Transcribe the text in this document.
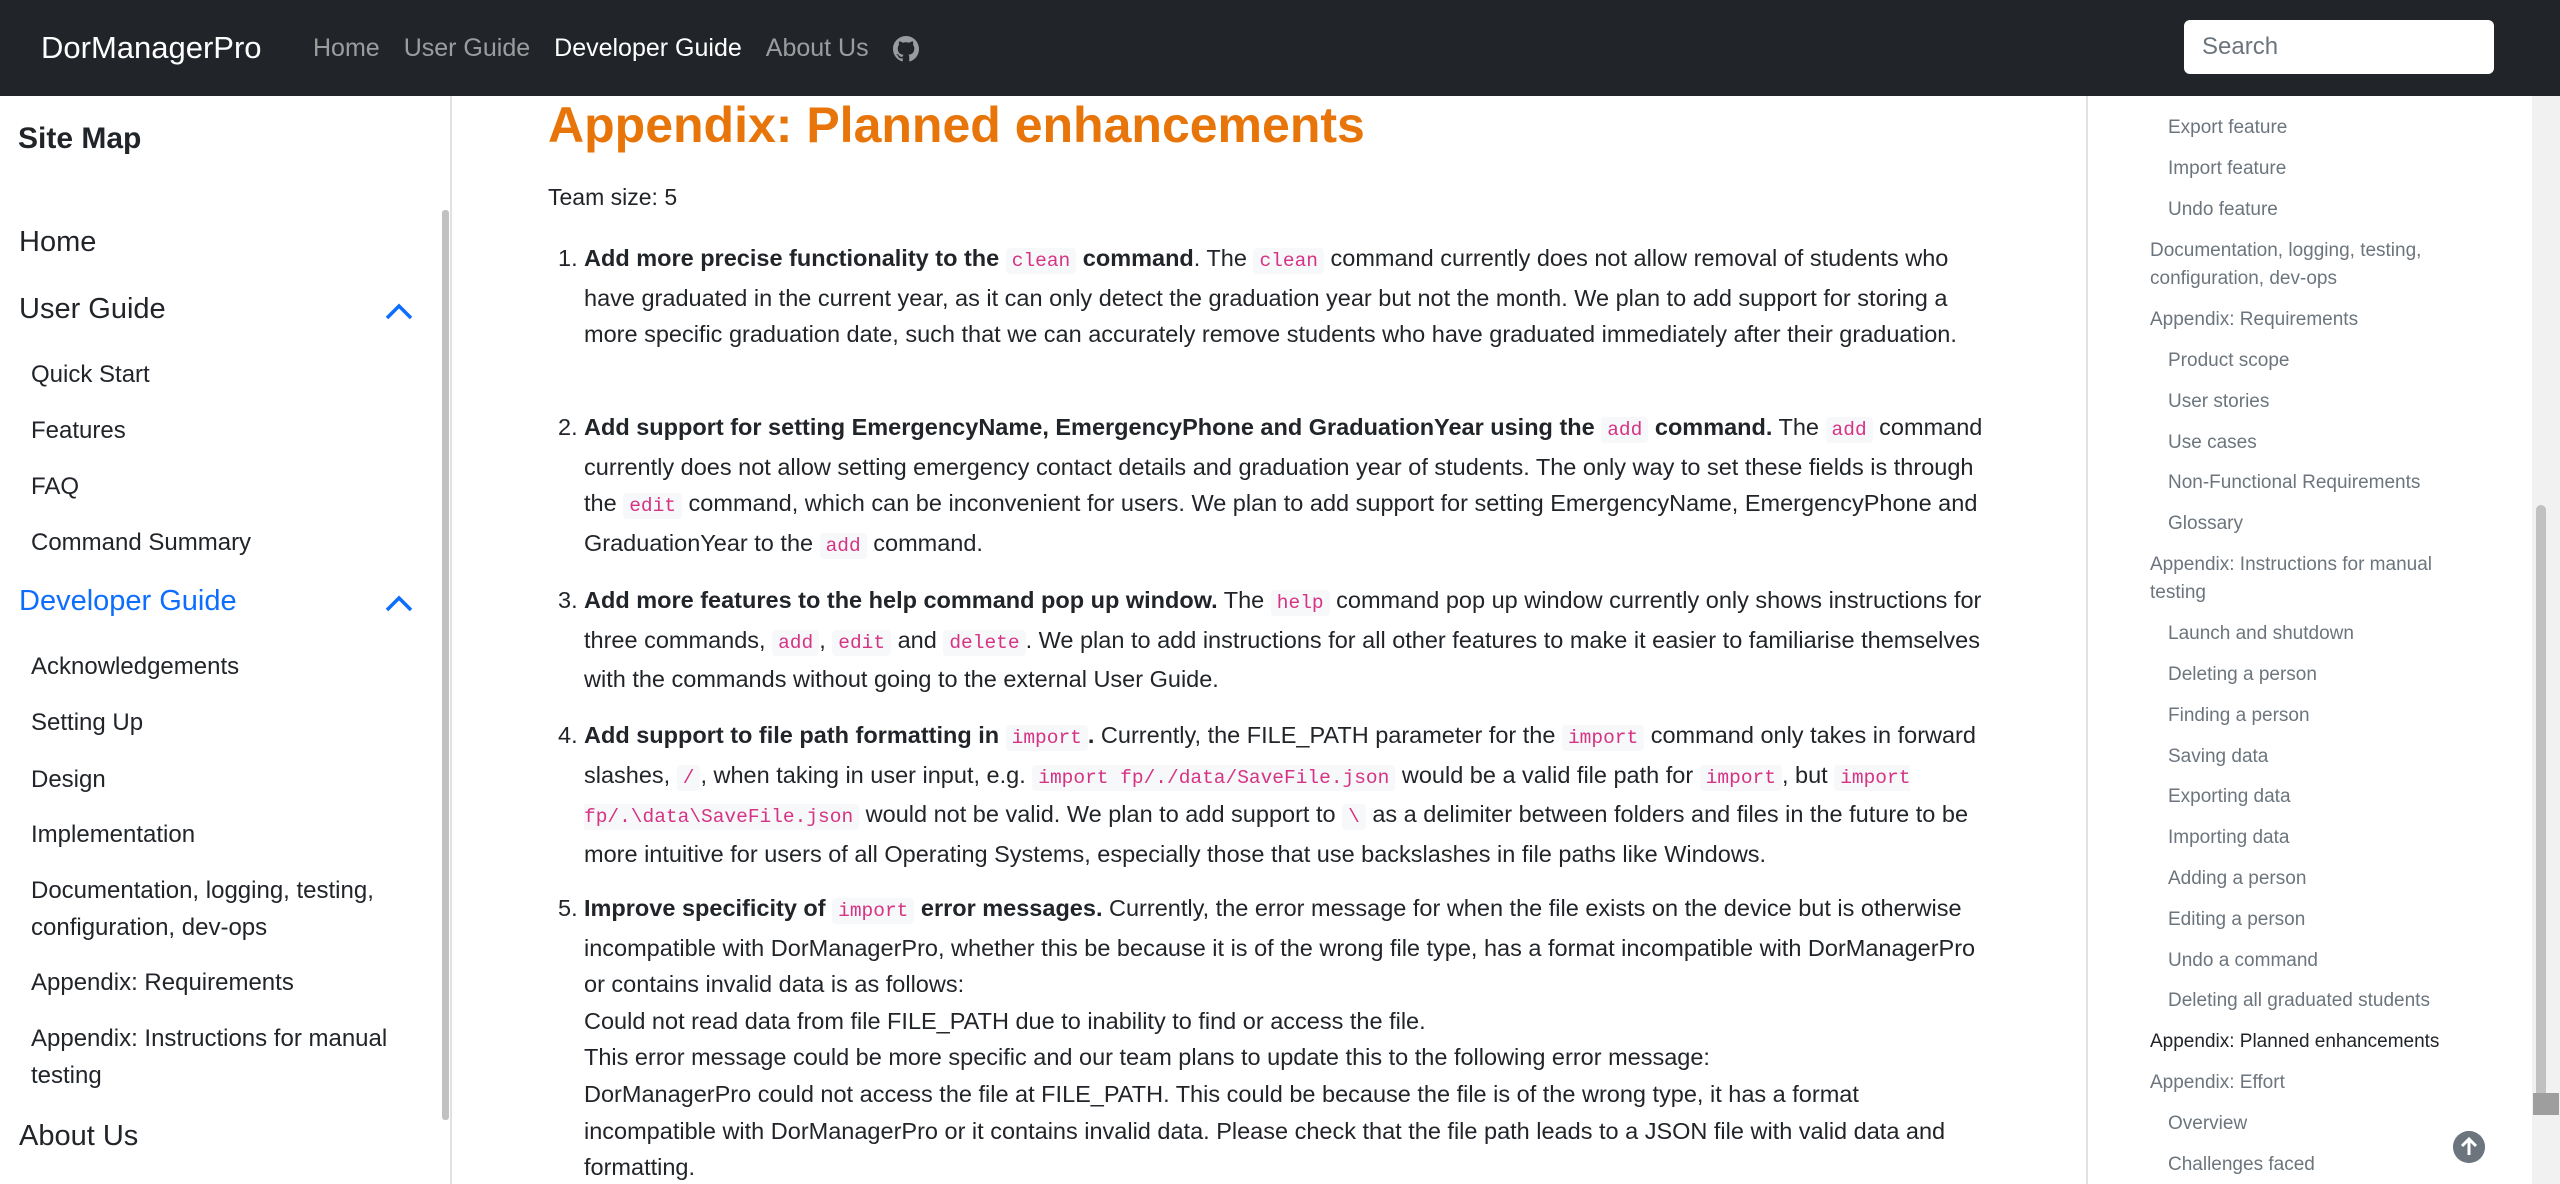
DorManagerPro Home User Guide Developer Guide About Us
Search
Site Map
Home
User Guide
Quick Start
Features
FAQ
Command Summary
Developer Guide
Acknowledgements
Setting Up
Design
Implementation
Documentation, logging, testing, configuration, dev-ops
Appendix: Requirements
Appendix: Instructions for manual testing
About Us
Appendix: Planned enhancements
Team size: 5
1. Add more precise functionality to the clean command. The clean command currently does not allow removal of students who have graduated in the current year, as it can only detect the graduation year but not the month. We plan to add support for storing a more specific graduation date, such that we can accurately remove students who have graduated immediately after their graduation.
2. Add support for setting EmergencyName, EmergencyPhone and GraduationYear using the add command. The add command currently does not allow setting emergency contact details and graduation year of students. The only way to set these fields is through the edit command, which can be inconvenient for users. We plan to add support for setting EmergencyName, EmergencyPhone and GraduationYear to the add command.
3. Add more features to the help command pop up window. The help command pop up window currently only shows instructions for three commands, add , edit and delete . We plan to add instructions for all other features to make it easier to familiarise themselves with the commands without going to the external User Guide.
4. Add support to file path formatting in import . Currently, the FILE_PATH parameter for the import command only takes in forward slashes, / , when taking in user input, e.g. import fp/./data/SaveFile.json would be a valid file path for import , but import fp/.\data\SaveFile.json would not be valid. We plan to add support to \ as a delimiter between folders and files in the future to be more intuitive for users of all Operating Systems, especially those that use backslashes in file paths like Windows.
5. Improve specificity of import error messages. Currently, the error message for when the file exists on the device but is otherwise incompatible with DorManagerPro, whether this be because it is of the wrong file type, has a format incompatible with DorManagerPro or contains invalid data is as follows:
Could not read data from file FILE_PATH due to inability to find or access the file.
This error message could be more specific and our team plans to update this to the following error message:
DorManagerPro could not access the file at FILE_PATH. This could be because the file is of the wrong type, it has a format incompatible with DorManagerPro or it contains invalid data. Please check that the file path leads to a JSON file with valid data and formatting.
Export feature
Import feature
Undo feature
Documentation, logging, testing, configuration, dev-ops
Appendix: Requirements
Product scope
User stories
Use cases
Non-Functional Requirements
Glossary
Appendix: Instructions for manual testing
Launch and shutdown
Deleting a person
Finding a person
Saving data
Exporting data
Importing data
Adding a person
Editing a person
Undo a command
Deleting all graduated students
Appendix: Planned enhancements
Appendix: Effort
Overview
Challenges faced
